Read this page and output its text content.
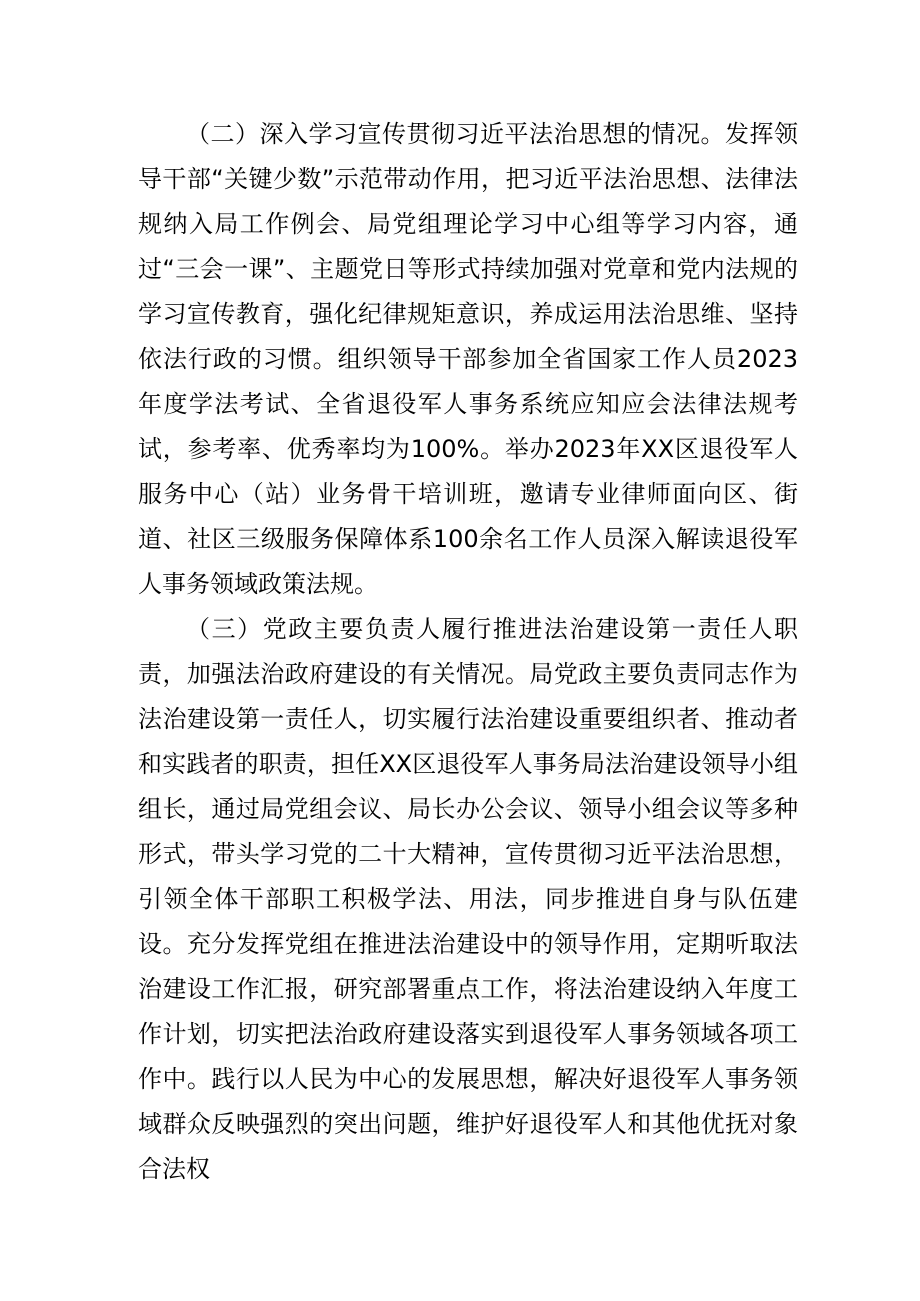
（二）深入学习宣传贯彻习近平法治思想的情况。发挥领导干部“关键少数”示范带动作用，把习近平法治思想、法律法规纳入局工作例会、局党组理论学习中心组等学习内容，通过“三会一课”、主题党日等形式持续加强对党章和党内法规的学习宣传教育，强化纪律规矩意识，养成运用法治思维、坚持依法行政的习惯。组织领导干部参加全省国家工作人员2023年度学法考试、全省退役军人事务系统应知应会法律法规考试，参考率、优秀率均为100%。举办2023年XX区退役军人服务中心（站）业务骨干培训班，邀请专业律师面向区、街道、社区三级服务保障体系100余名工作人员深入解读退役军人事务领域政策法规。

（三）党政主要负责人履行推进法治建设第一责任人职责，加强法治政府建设的有关情况。局党政主要负责同志作为法治建设第一责任人，切实履行法治建设重要组织者、推动者和实践者的职责，担任XX区退役军人事务局法治建设领导小组组长，通过局党组会议、局长办公会议、领导小组会议等多种形式，带头学习党的二十大精神，宣传贯彻习近平法治思想，引领全体干部职工积极学法、用法，同步推进自身与队伍建设。充分发挥党组在推进法治建设中的领导作用，定期听取法治建设工作汇报，研究部署重点工作，将法治建设纳入年度工作计划，切实把法治政府建设落实到退役军人事务领域各项工作中。践行以人民为中心的发展思想，解决好退役军人事务领域群众反映强烈的突出问题，维护好退役军人和其他优抚对象合法权
